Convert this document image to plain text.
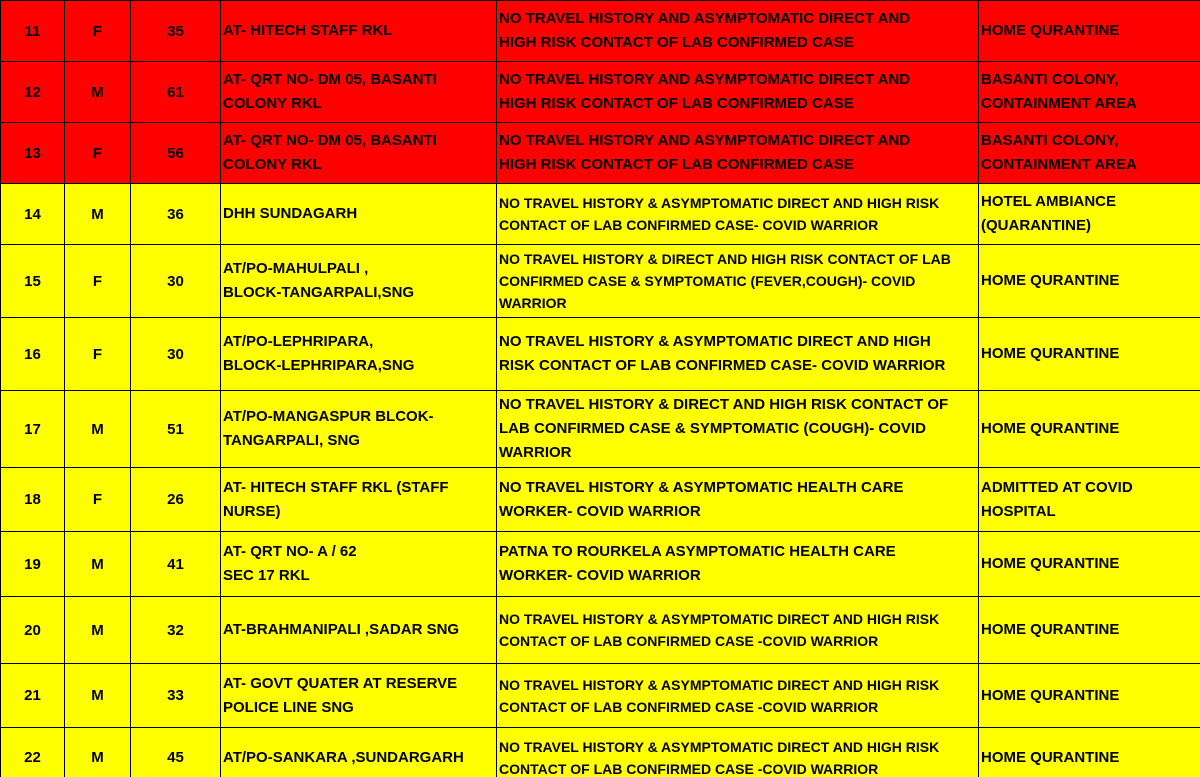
11	F	35	AT- HITECH STAFF RKL	NO TRAVEL HISTORY AND ASYMPTOMATIC DIRECT AND
HIGH RISK CONTACT OF LAB CONFIRMED CASE	HOME QURANTINE
12	M	61	AT- QRT NO- DM 05, BASANTI
COLONY RKL	NO TRAVEL HISTORY AND ASYMPTOMATIC DIRECT AND
HIGH RISK CONTACT OF LAB CONFIRMED CASE	BASANTI COLONY,
CONTAINMENT AREA
13	F	56	AT- QRT NO- DM 05, BASANTI
COLONY RKL	NO TRAVEL HISTORY AND ASYMPTOMATIC DIRECT AND
HIGH RISK CONTACT OF LAB CONFIRMED CASE	BASANTI COLONY,
CONTAINMENT AREA
14	M	36	DHH SUNDAGARH	NO TRAVEL HISTORY & ASYMPTOMATIC DIRECT AND HIGH RISK
CONTACT OF LAB CONFIRMED CASE- COVID WARRIOR	HOTEL AMBIANCE
(QUARANTINE)
15	F	30	AT/PO-MAHULPALI ,
BLOCK-TANGARPALI,SNG	NO TRAVEL HISTORY & DIRECT AND HIGH RISK CONTACT OF LAB
CONFIRMED CASE & SYMPTOMATIC (FEVER,COUGH)- COVID
WARRIOR	HOME QURANTINE
16	F	30	AT/PO-LEPHRIPARA,
BLOCK-LEPHRIPARA,SNG	NO TRAVEL HISTORY & ASYMPTOMATIC DIRECT AND HIGH
RISK CONTACT OF LAB CONFIRMED CASE- COVID WARRIOR	HOME QURANTINE
17	M	51	AT/PO-MANGASPUR BLCOK-
TANGARPALI, SNG	NO TRAVEL HISTORY & DIRECT AND HIGH RISK CONTACT OF
LAB CONFIRMED CASE & SYMPTOMATIC (COUGH)- COVID
WARRIOR	HOME QURANTINE
18	F	26	AT- HITECH STAFF RKL (STAFF
NURSE)	NO TRAVEL HISTORY & ASYMPTOMATIC HEALTH CARE
WORKER- COVID WARRIOR	ADMITTED AT COVID
HOSPITAL
19	M	41	AT- QRT NO- A / 62
SEC 17 RKL	PATNA TO ROURKELA ASYMPTOMATIC HEALTH CARE
WORKER- COVID WARRIOR	HOME QURANTINE
20	M	32	AT-BRAHMANIPALI ,SADAR SNG	NO TRAVEL HISTORY & ASYMPTOMATIC DIRECT AND HIGH RISK
CONTACT OF LAB CONFIRMED CASE -COVID WARRIOR	HOME QURANTINE
21	M	33	AT- GOVT QUATER AT RESERVE
POLICE LINE SNG	NO TRAVEL HISTORY & ASYMPTOMATIC DIRECT AND HIGH RISK
CONTACT OF LAB CONFIRMED CASE -COVID WARRIOR	HOME QURANTINE
22	M	45	AT/PO-SANKARA ,SUNDARGARH	NO TRAVEL HISTORY & ASYMPTOMATIC DIRECT AND HIGH RISK
CONTACT OF LAB CONFIRMED CASE -COVID WARRIOR	HOME QURANTINE
